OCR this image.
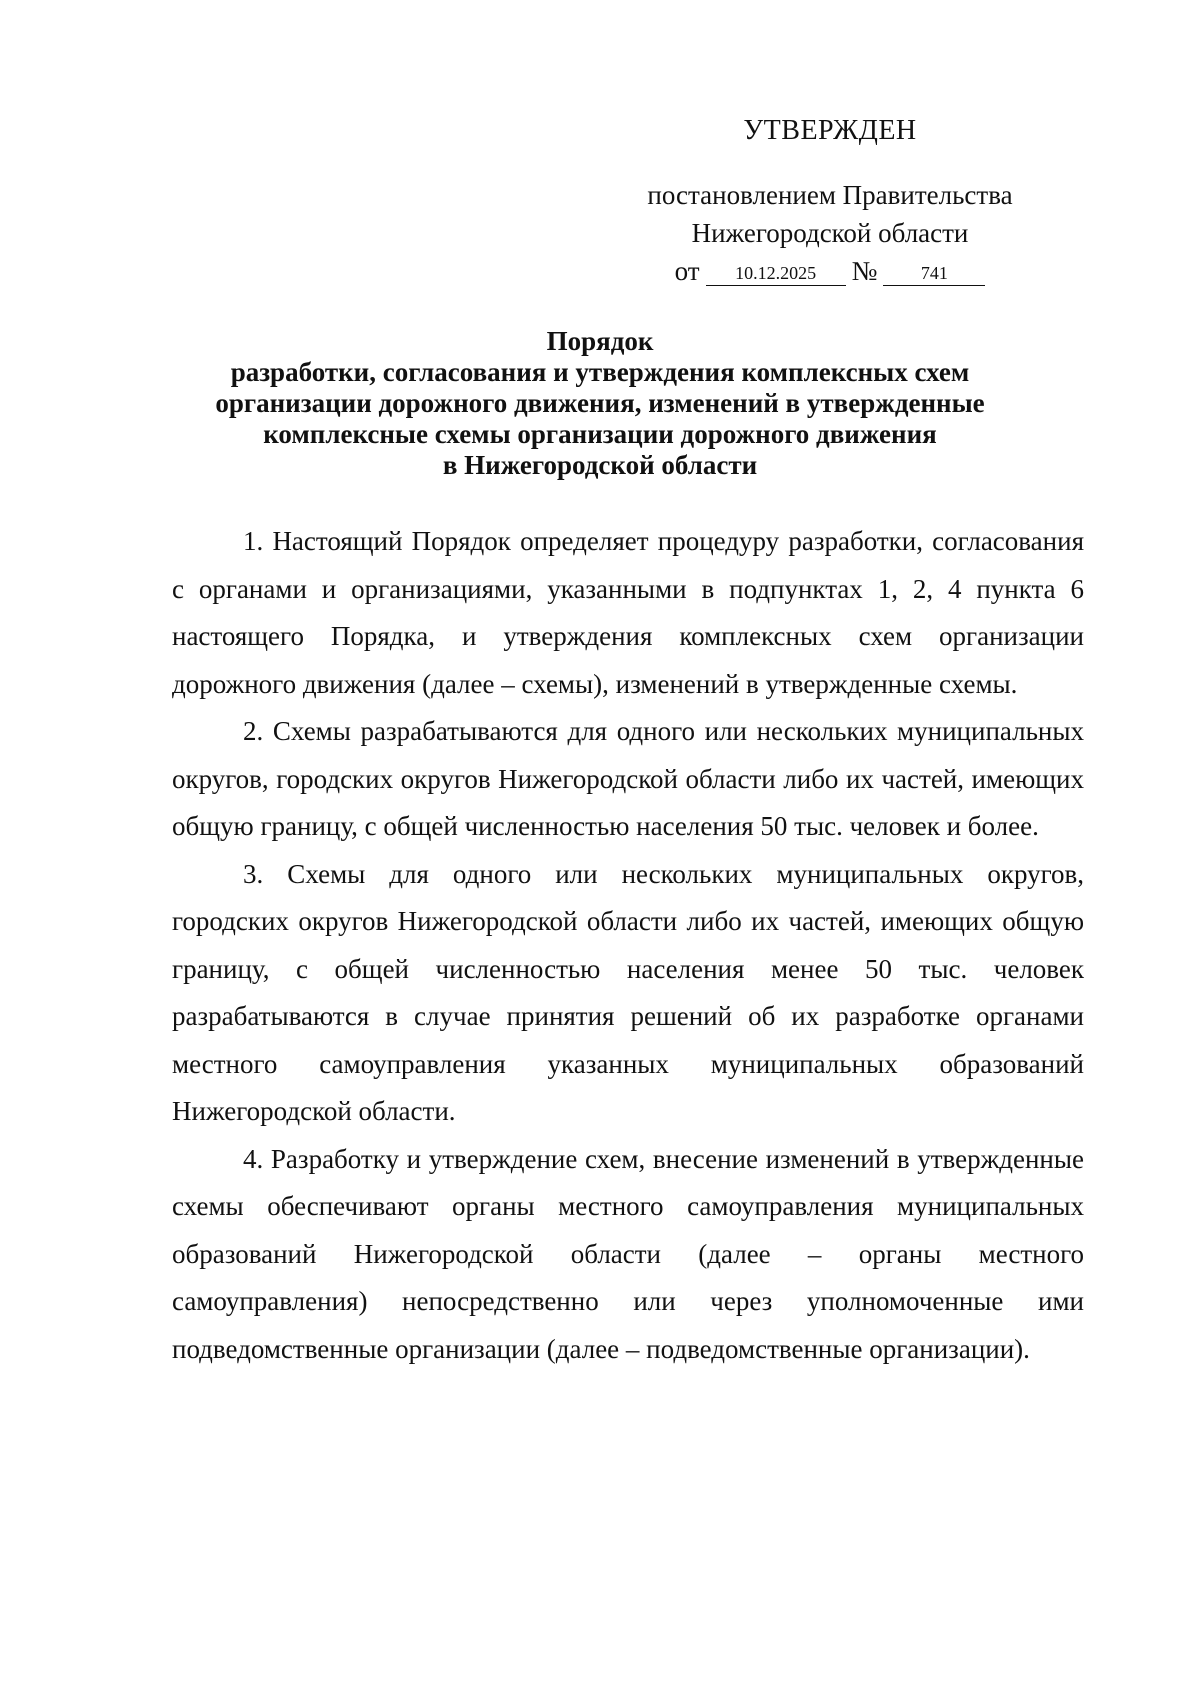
УТВЕРЖДЕН
постановлением Правительства
Нижегородской области
от	10.12.2025	№	741
Порядок
разработки, согласования и утверждения комплексных схем
организации дорожного движения, изменений в утвержденные
комплексные схемы организации дорожного движения
в Нижегородской области

1. Настоящий Порядок определяет процедуру разработки, согласования с органами и организациями, указанными в подпунктах 1, 2, 4 пункта 6 настоящего Порядка, и утверждения комплексных схем организации дорожного движения (далее – схемы), изменений в утвержденные схемы.

2. Схемы разрабатываются для одного или нескольких муниципальных округов, городских округов Нижегородской области либо их частей, имеющих общую границу, с общей численностью населения 50 тыс. человек и более.

3. Схемы для одного или нескольких муниципальных округов, городских округов Нижегородской области либо их частей, имеющих общую границу, с общей численностью населения менее 50 тыс. человек разрабатываются в случае принятия решений об их разработке органами местного самоуправления указанных муниципальных образований Нижегородской области.

4. Разработку и утверждение схем, внесение изменений в утвержденные схемы обеспечивают органы местного самоуправления муниципальных образований Нижегородской области (далее – органы местного самоуправления) непосредственно или через уполномоченные ими подведомственные организации (далее – подведомственные организации).
